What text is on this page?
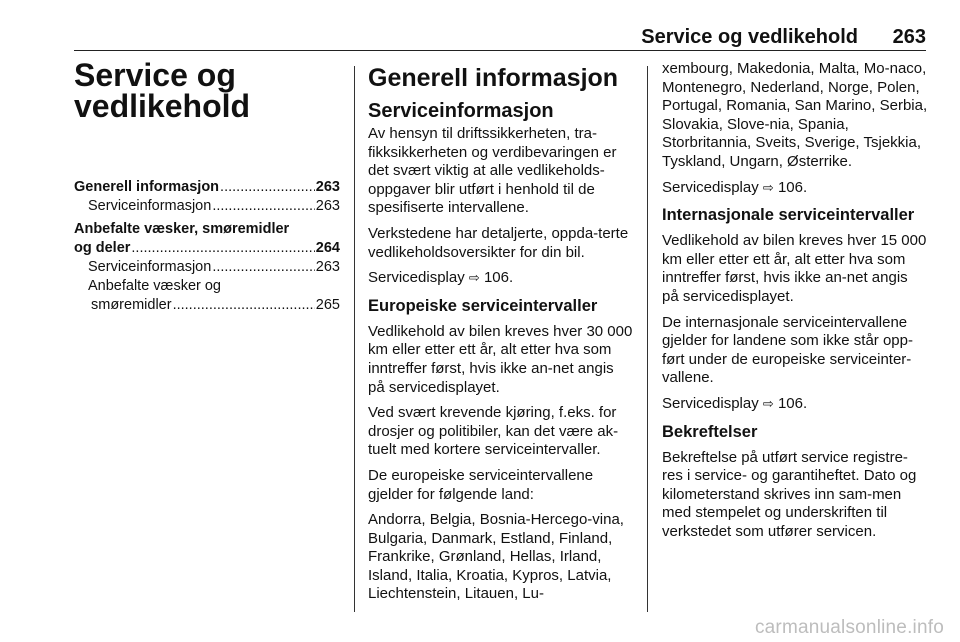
Service og vedlikehold 263
Service og
vedlikehold
Generell informasjon .....	263
Serviceinformasjon .....	263
Anbefalte væsker, smøremidler
og deler .....	264
Serviceinformasjon .....	263
Anbefalte væsker og
smøremidler .....	265
Generell informasjon
Serviceinformasjon

Av hensyn til driftssikkerheten, tra-fikksikkerheten og verdibevaringen er det svært viktig at alle vedlikeholds-oppgaver blir utført i henhold til de spesifiserte intervallene.

Verkstedene har detaljerte, oppda-terte vedlikeholdsoversikter for din bil.

Servicedisplay ⇨ 106.

Europeiske serviceintervaller

Vedlikehold av bilen kreves hver 30 000 km eller etter ett år, alt etter hva som inntreffer først, hvis ikke an-net angis på servicedisplayet.

Ved svært krevende kjøring, f.eks. for drosjer og politibiler, kan det være ak-tuelt med kortere serviceintervaller.

De europeiske serviceintervallene gjelder for følgende land:

Andorra, Belgia, Bosnia-Hercego-vina, Bulgaria, Danmark, Estland, Finland, Frankrike, Grønland, Hellas, Irland, Island, Italia, Kroatia, Kypros, Latvia, Liechtenstein, Litauen, Lu-

xembourg, Makedonia, Malta, Mo-naco, Montenegro, Nederland, Norge, Polen, Portugal, Romania, San Marino, Serbia, Slovakia, Slove-nia, Spania, Storbritannia, Sveits, Sverige, Tsjekkia, Tyskland, Ungarn, Østerrike.

Servicedisplay ⇨ 106.

Internasjonale serviceintervaller

Vedlikehold av bilen kreves hver 15 000 km eller etter ett år, alt etter hva som inntreffer først, hvis ikke an-net angis på servicedisplayet.

De internasjonale serviceintervallene gjelder for landene som ikke står opp-ført under de europeiske serviceinter-vallene.

Servicedisplay ⇨ 106.

Bekreftelser

Bekreftelse på utført service registre-res i service- og garantiheftet. Dato og kilometerstand skrives inn sam-men med stempelet og underskriften til verkstedet som utfører servicen.

carmanualsonline.info
